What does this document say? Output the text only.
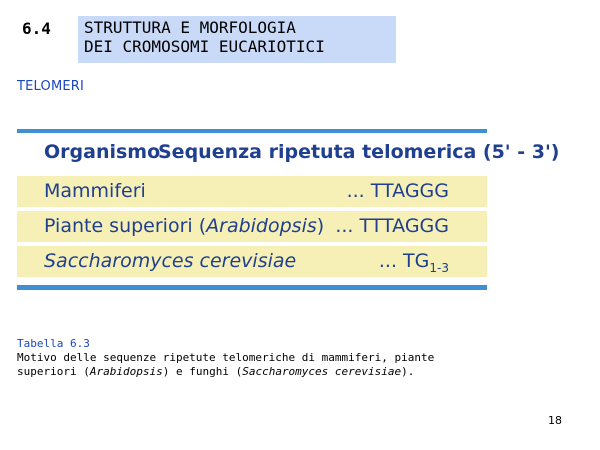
6.4 STRUTTURA E MORFOLOGIA
DEI CROMOSOMI EUCARIOTICI
TELOMERI
Organismo
Sequenza ripetuta telomerica (5' - 3')
Mammiferi	... TTAGGG
Piante superiori (Arabidopsis) ... TTTAGGG
Saccharomyces cerevisiae	... $TG_{1-3}$
Tabella 6.3
Motivo delle sequenze ripetute telomeriche di mammiferi, piante
superiori (Arabidopsis) e funghi (Saccharomyces cerevisiae).
18
